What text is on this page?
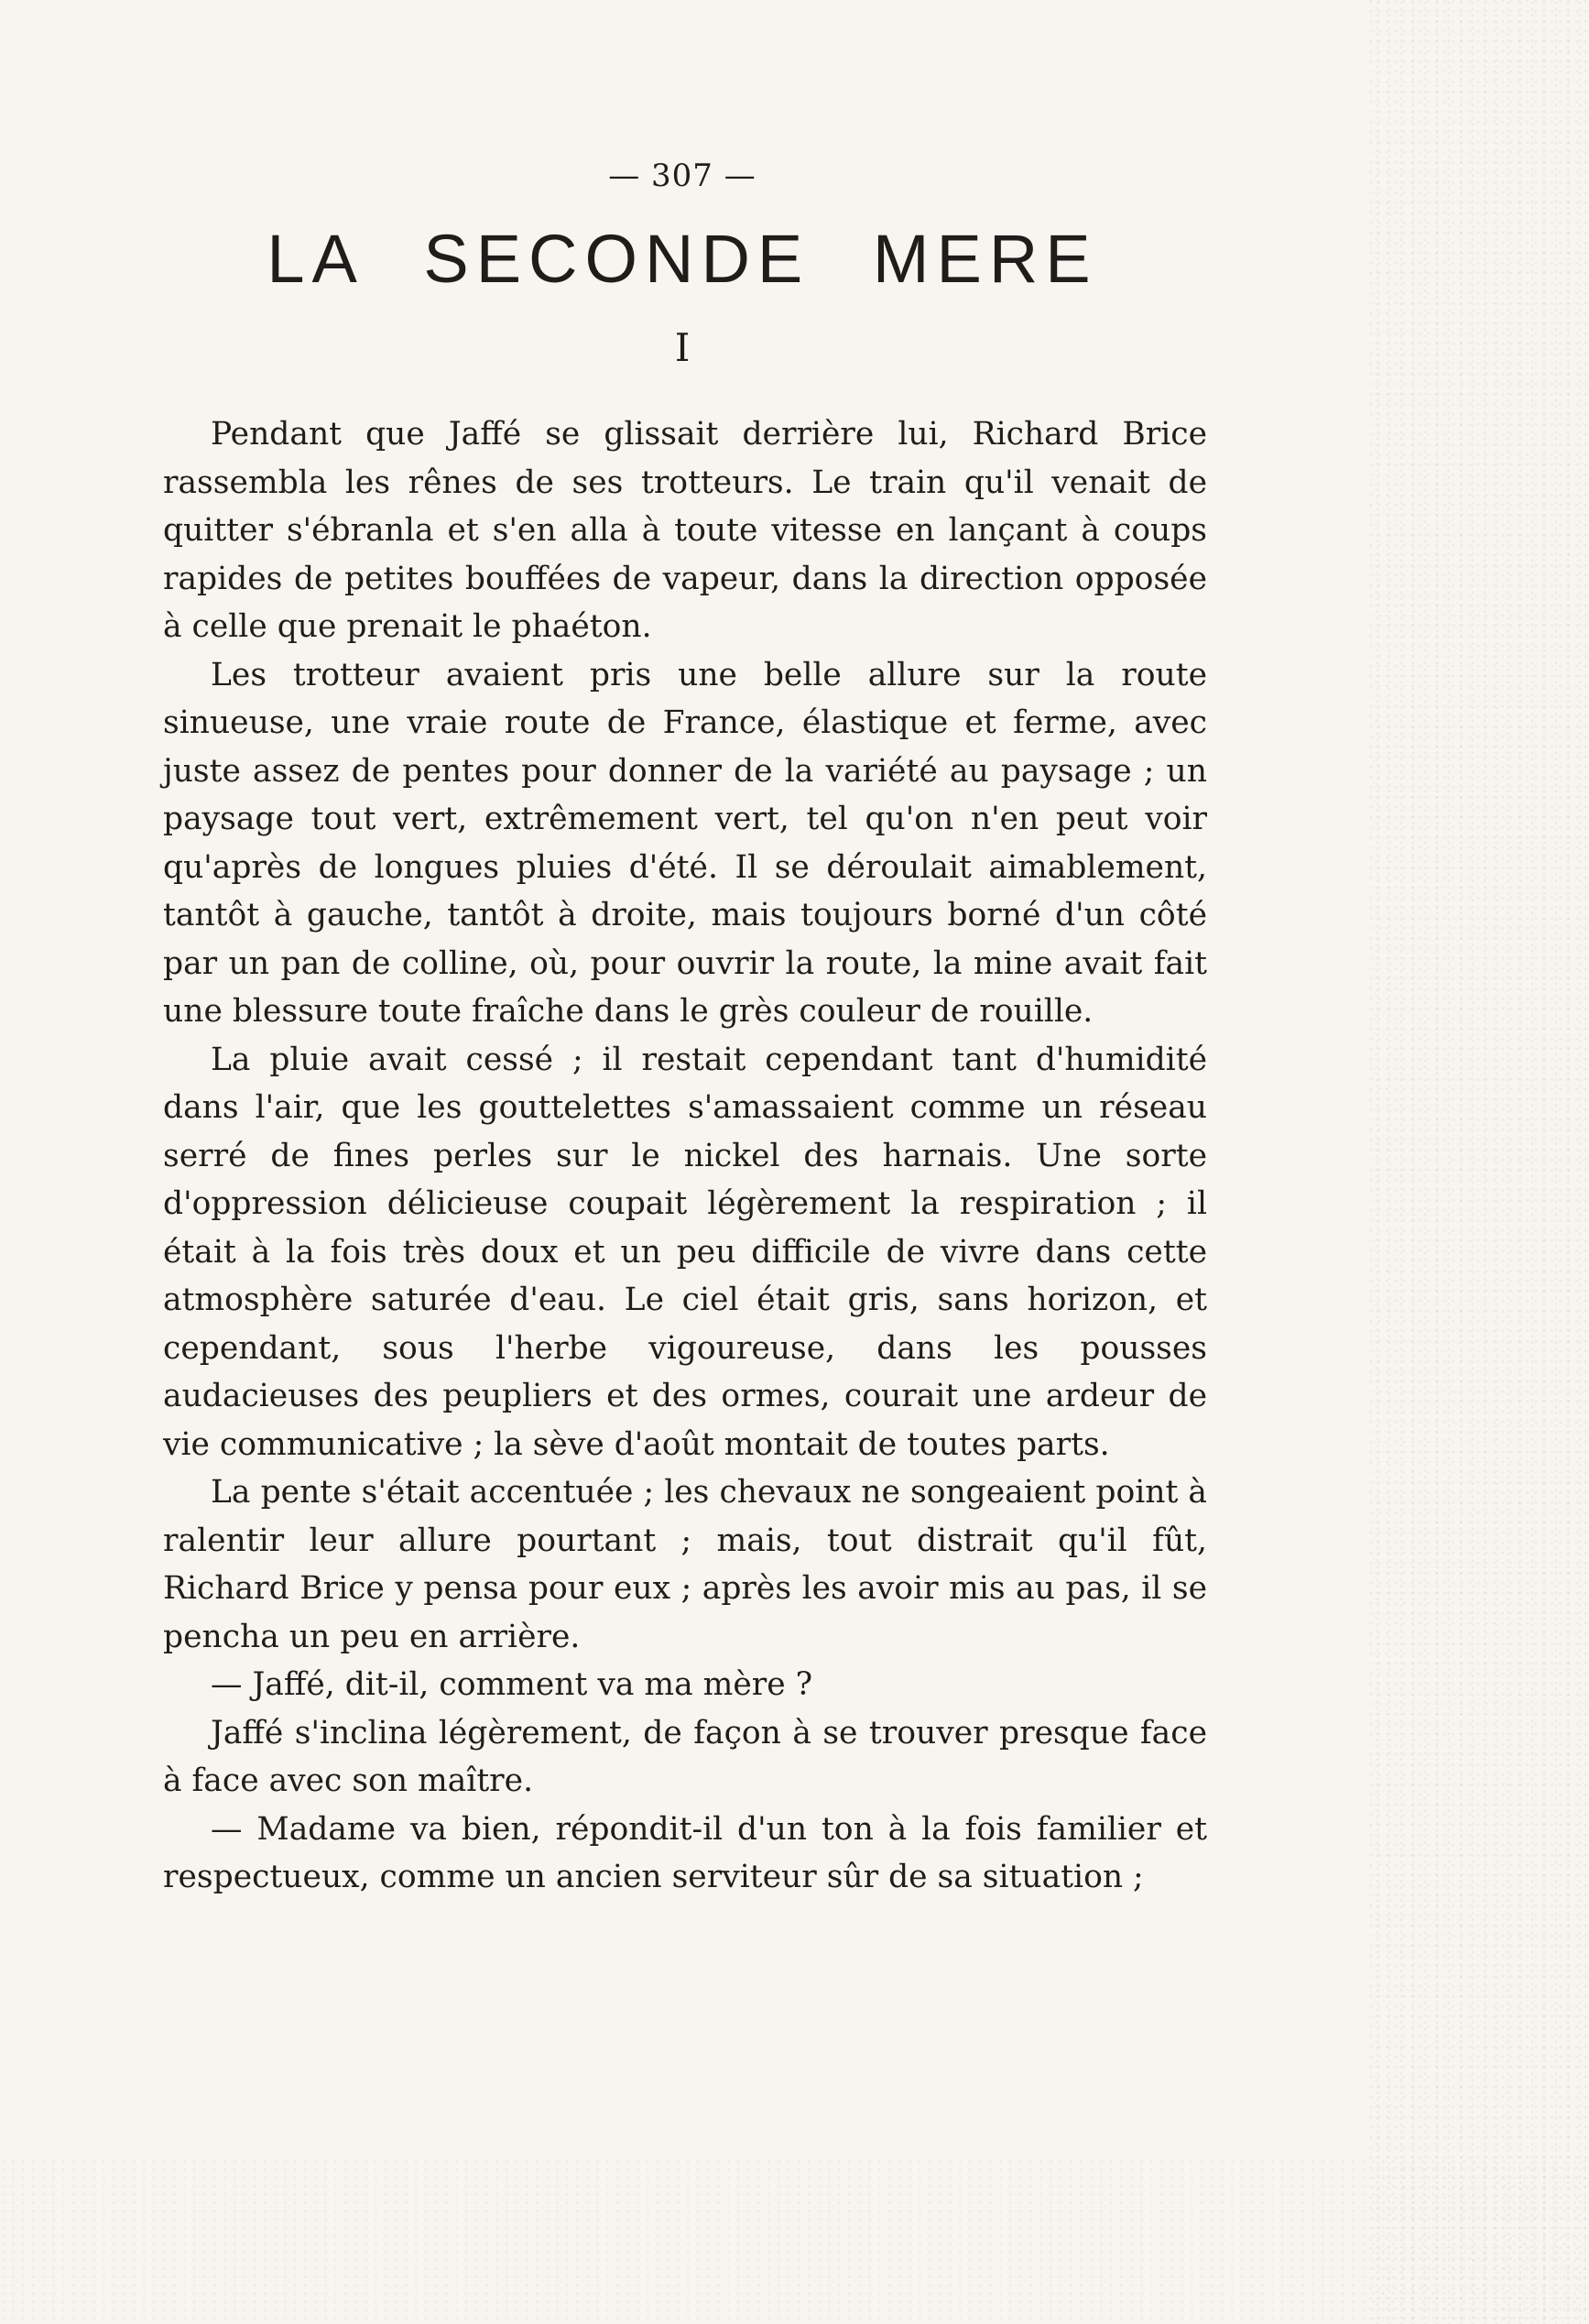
— 307 —
LA SECONDE MERE
I

Pendant que Jaffé se glissait derrière lui, Richard Brice rassembla les rênes de ses trotteurs. Le train qu'il venait de quitter s'ébranla et s'en alla à toute vitesse en lançant à coups rapides de petites bouffées de vapeur, dans la direction opposée à celle que prenait le phaéton.

Les trotteur avaient pris une belle allure sur la route sinueuse, une vraie route de France, élastique et ferme, avec juste assez de pentes pour donner de la variété au paysage ; un paysage tout vert, extrêmement vert, tel qu'on n'en peut voir qu'après de longues pluies d'été. Il se déroulait aimablement, tantôt à gauche, tantôt à droite, mais toujours borné d'un côté par un pan de colline, où, pour ouvrir la route, la mine avait fait une blessure toute fraîche dans le grès couleur de rouille.

La pluie avait cessé ; il restait cependant tant d'humidité dans l'air, que les gouttelettes s'amassaient comme un réseau serré de fines perles sur le nickel des harnais. Une sorte d'oppression délicieuse coupait légèrement la respiration ; il était à la fois très doux et un peu difficile de vivre dans cette atmosphère saturée d'eau. Le ciel était gris, sans horizon, et cependant, sous l'herbe vigoureuse, dans les pousses audacieuses des peupliers et des ormes, courait une ardeur de vie communicative ; la sève d'août montait de toutes parts.

La pente s'était accentuée ; les chevaux ne songeaient point à ralentir leur allure pourtant ; mais, tout distrait qu'il fût, Richard Brice y pensa pour eux ; après les avoir mis au pas, il se pencha un peu en arrière.

— Jaffé, dit-il, comment va ma mère ?

Jaffé s'inclina légèrement, de façon à se trouver presque face à face avec son maître.

— Madame va bien, répondit-il d'un ton à la fois familier et respectueux, comme un ancien serviteur sûr de sa situation ;
